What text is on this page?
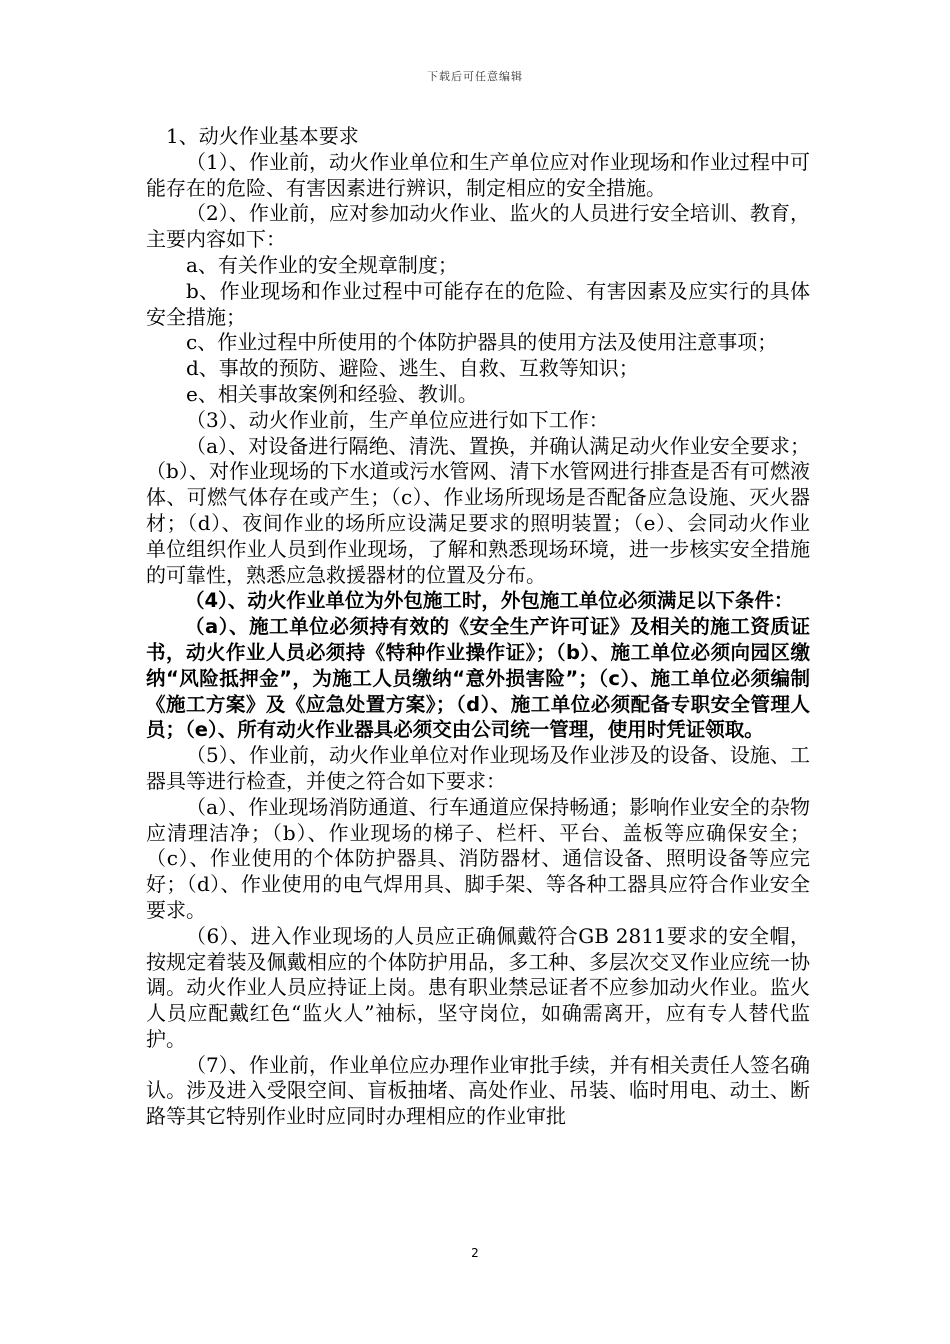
下载后可任意编辑

1、动火作业基本要求

（1）、作业前，动火作业单位和生产单位应对作业现场和作业过程中可能存在的危险、有害因素进行辨识，制定相应的安全措施。

（2）、作业前，应对参加动火作业、监火的人员进行安全培训、教育，主要内容如下：

a、有关作业的安全规章制度；

b、作业现场和作业过程中可能存在的危险、有害因素及应实行的具体安全措施；

c、作业过程中所使用的个体防护器具的使用方法及使用注意事项；

d、事故的预防、避险、逃生、自救、互救等知识；

e、相关事故案例和经验、教训。

（3）、动火作业前，生产单位应进行如下工作：

（a）、对设备进行隔绝、清洗、置换，并确认满足动火作业安全要求；（b）、对作业现场的下水道或污水管网、清下水管网进行排查是否有可燃液体、可燃气体存在或产生；（c）、作业场所现场是否配备应急设施、灭火器材；（d）、夜间作业的场所应设满足要求的照明装置；（e）、会同动火作业单位组织作业人员到作业现场，了解和熟悉现场环境，进一步核实安全措施的可靠性，熟悉应急救援器材的位置及分布。

（4）、动火作业单位为外包施工时，外包施工单位必须满足以下条件：

（a）、施工单位必须持有效的《安全生产许可证》及相关的施工资质证书，动火作业人员必须持《特种作业操作证》；（b）、施工单位必须向园区缴纳“风险抵押金”，为施工人员缴纳“意外损害险”；（c）、施工单位必须编制《施工方案》及《应急处置方案》；（d）、施工单位必须配备专职安全管理人员；（e）、所有动火作业器具必须交由公司统一管理，使用时凭证领取。

（5）、作业前，动火作业单位对作业现场及作业涉及的设备、设施、工器具等进行检查，并使之符合如下要求：

（a）、作业现场消防通道、行车通道应保持畅通；影响作业安全的杂物应清理洁净；（b）、作业现场的梯子、栏杆、平台、盖板等应确保安全；（c）、作业使用的个体防护器具、消防器材、通信设备、照明设备等应完好；（d）、作业使用的电气焊用具、脚手架、等各种工器具应符合作业安全要求。

（6）、进入作业现场的人员应正确佩戴符合GB 2811要求的安全帽，按规定着装及佩戴相应的个体防护用品，多工种、多层次交叉作业应统一协调。动火作业人员应持证上岗。患有职业禁忌证者不应参加动火作业。监火人员应配戴红色“监火人”袖标，坚守岗位，如确需离开，应有专人替代监护。

（7）、作业前，作业单位应办理作业审批手续，并有相关责任人签名确认。涉及进入受限空间、盲板抽堵、高处作业、吊装、临时用电、动土、断路等其它特别作业时应同时办理相应的作业审批

2
